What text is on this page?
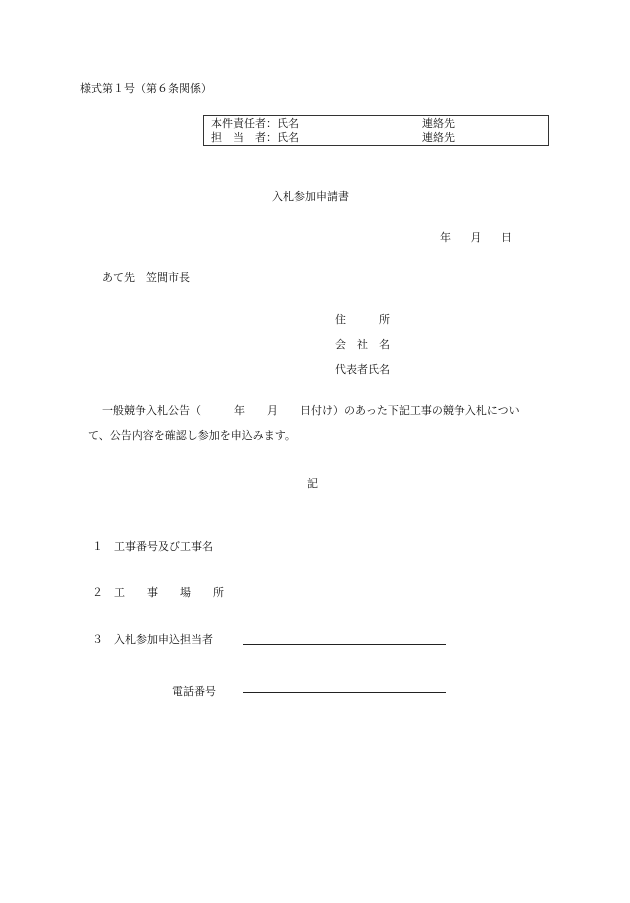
様式第１号（第６条関係）
本件責任者：氏名	連絡先
担　当　者：氏名	連絡先
入札参加申請書
年 月 日
あて先　笠間市長
住　　　所
会　社　名
代表者氏名
一般競争入札公告（　　　年　　月　　日付け）のあった下記工事の競争入札につい
て、公告内容を確認し参加を申込みます。
記
１　工事番号及び工事名
２　工　　事　　場　　所
３　入札参加申込担当者
電話番号
